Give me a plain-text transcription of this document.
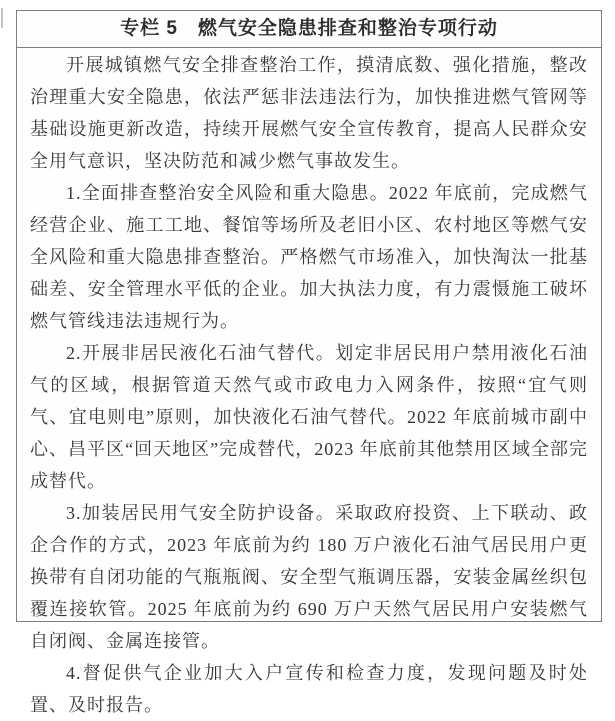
专栏 5　燃气安全隐患排查和整治专项行动

开展城镇燃气安全排查整治工作，摸清底数、强化措施，整改治理重大安全隐患，依法严惩非法违法行为，加快推进燃气管网等基础设施更新改造，持续开展燃气安全宣传教育，提高人民群众安全用气意识，坚决防范和减少燃气事故发生。

1.全面排查整治安全风险和重大隐患。2022 年底前，完成燃气经营企业、施工工地、餐馆等场所及老旧小区、农村地区等燃气安全风险和重大隐患排查整治。严格燃气市场准入，加快淘汰一批基础差、安全管理水平低的企业。加大执法力度，有力震慑施工破坏燃气管线违法违规行为。

2.开展非居民液化石油气替代。划定非居民用户禁用液化石油气的区域，根据管道天然气或市政电力入网条件，按照“宜气则气、宜电则电”原则，加快液化石油气替代。2022 年底前城市副中心、昌平区“回天地区”完成替代，2023 年底前其他禁用区域全部完成替代。

3.加装居民用气安全防护设备。采取政府投资、上下联动、政企合作的方式，2023 年底前为约 180 万户液化石油气居民用户更换带有自闭功能的气瓶瓶阀、安全型气瓶调压器，安装金属丝织包覆连接软管。2025 年底前为约 690 万户天然气居民用户安装燃气自闭阀、金属连接管。

4.督促供气企业加大入户宣传和检查力度，发现问题及时处置、及时报告。
